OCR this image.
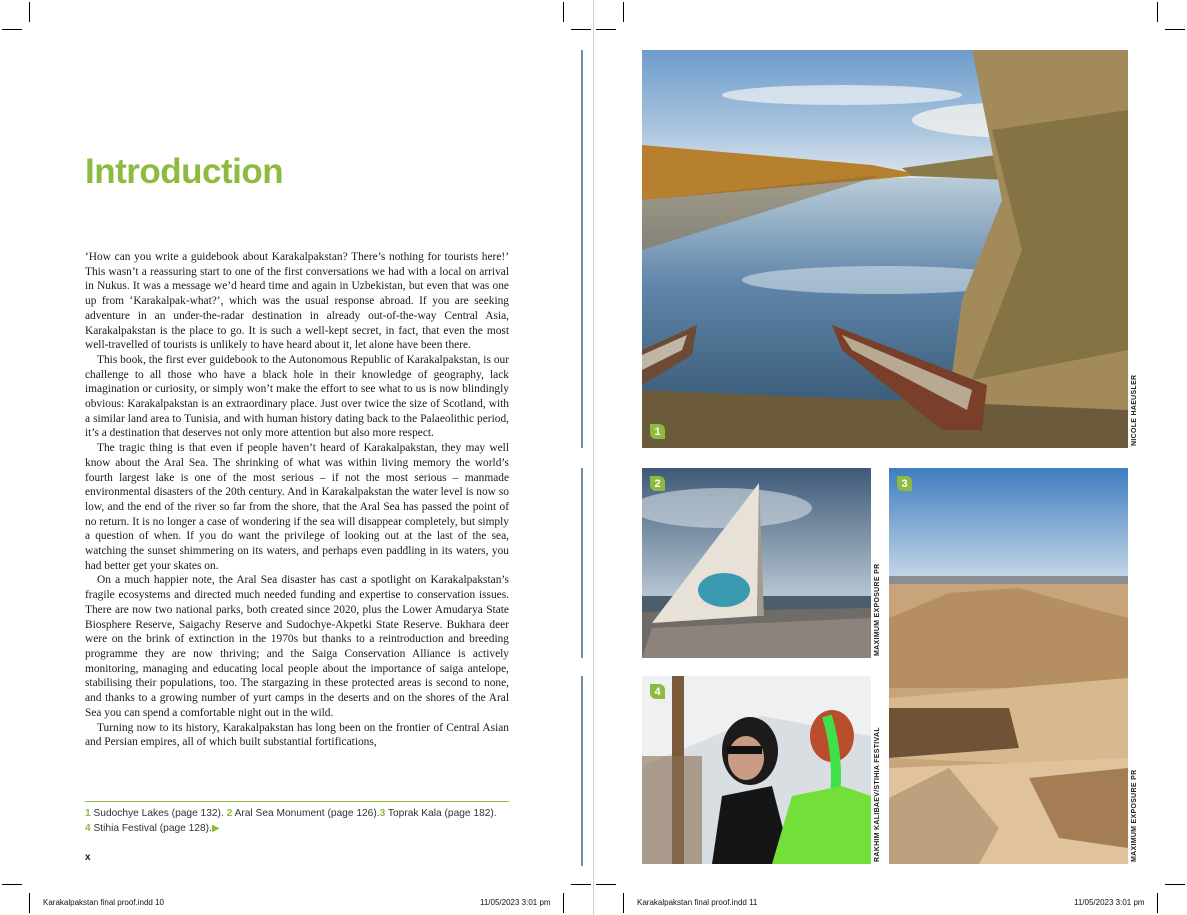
Introduction

‘How can you write a guidebook about Karakalpakstan? There’s nothing for tourists here!’ This wasn’t a reassuring start to one of the first conversations we had with a local on arrival in Nukus. It was a message we’d heard time and again in Uzbekistan, but even that was one up from ‘Karakalpak-what?’, which was the usual response abroad. If you are seeking adventure in an under-the-radar destination in already out-of-the-way Central Asia, Karakalpakstan is the place to go. It is such a well-kept secret, in fact, that even the most well-travelled of tourists is unlikely to have heard about it, let alone have been there.

This book, the first ever guidebook to the Autonomous Republic of Karakalpakstan, is our challenge to all those who have a black hole in their knowledge of geography, lack imagination or curiosity, or simply won’t make the effort to see what to us is now blindingly obvious: Karakalpakstan is an extraordinary place. Just over twice the size of Scotland, with a similar land area to Tunisia, and with human history dating back to the Palaeolithic period, it’s a destination that deserves not only more attention but also more respect.

The tragic thing is that even if people haven’t heard of Karakalpakstan, they may well know about the Aral Sea. The shrinking of what was within living memory the world’s fourth largest lake is one of the most serious – if not the most serious – manmade environmental disasters of the 20th century. And in Karakalpakstan the water level is now so low, and the end of the river so far from the shore, that the Aral Sea has passed the point of no return. It is no longer a case of wondering if the sea will disappear completely, but simply a question of when. If you do want the privilege of looking out at the last of the sea, watching the sunset shimmering on its waters, and perhaps even paddling in its waters, you had better get your skates on.

On a much happier note, the Aral Sea disaster has cast a spotlight on Karakalpakstan’s fragile ecosystems and directed much needed funding and expertise to conservation issues. There are now two national parks, both created since 2020, plus the Lower Amudarya State Biosphere Reserve, Saigachy Reserve and Sudochye-Akpetki State Reserve. Bukhara deer were on the brink of extinction in the 1970s but thanks to a reintroduction and breeding programme they are now thriving; and the Saiga Conservation Alliance is actively monitoring, managing and educating local people about the importance of saiga antelope, stabilising their populations, too. The stargazing in these protected areas is second to none, and thanks to a growing number of yurt camps in the deserts and on the shores of the Aral Sea you can spend a comfortable night out in the wild.

Turning now to its history, Karakalpakstan has long been on the frontier of Central Asian and Persian empires, all of which built substantial fortifications,

1 Sudochye Lakes (page 132). 2 Aral Sea Monument (page 126).3 Toprak Kala (page 182).
4 Stihia Festival (page 128).▶
x
Karakalpakstan final proof.indd 10	11/05/2023 3:01 pm
1	NICOLE HAEUSLER
2
MAXIMUM EXPOSURE PR
3
MAXIMUM EXPOSURE PR
4
RAKHIM KALIBAEV/STIHIA FESTIVAL
Karakalpakstan final proof.indd 11	11/05/2023 3:01 pm
